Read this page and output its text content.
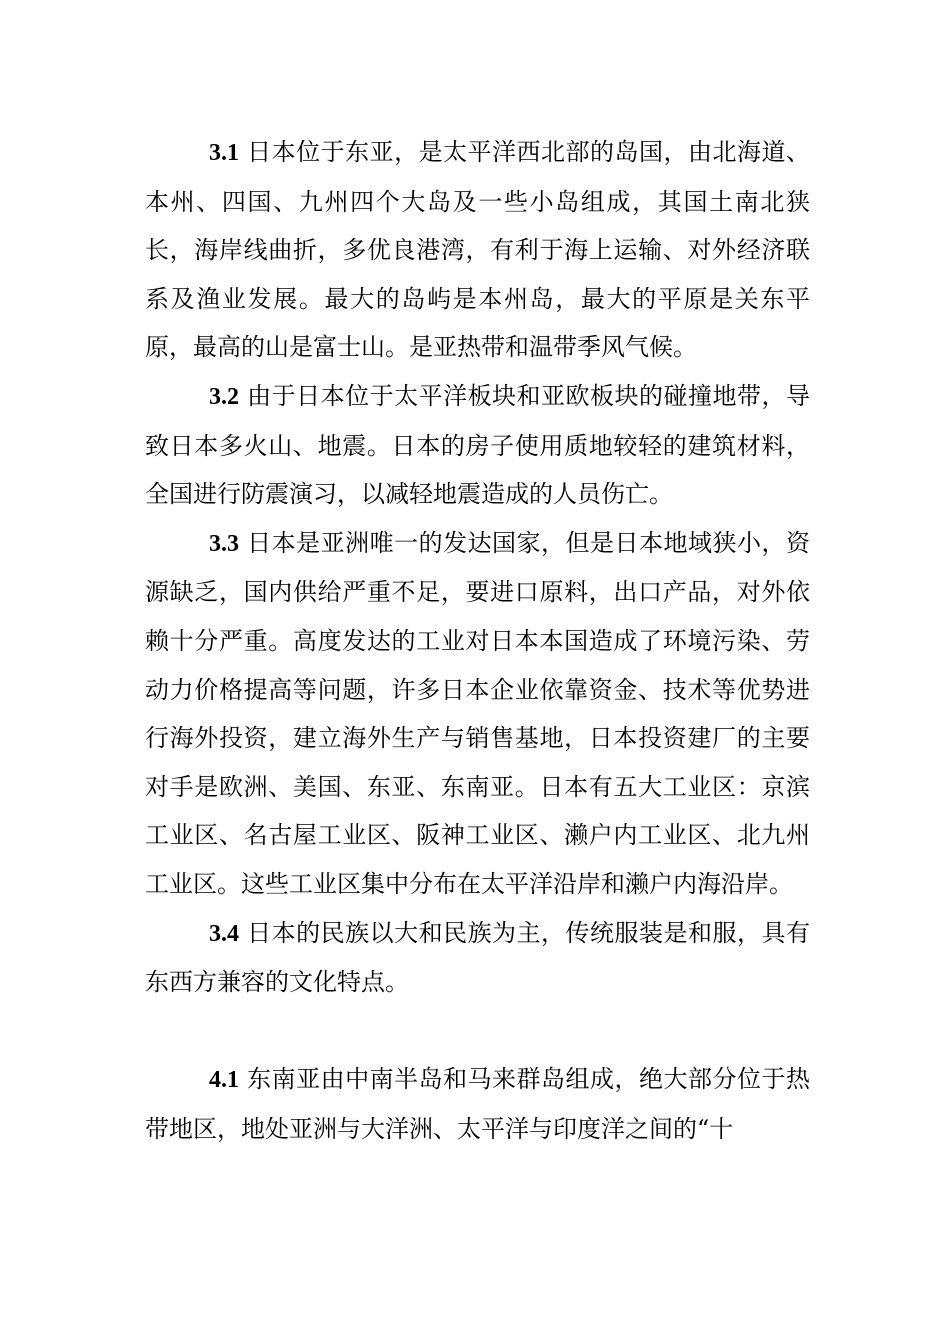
3.1 日本位于东亚，是太平洋西北部的岛国，由北海道、本州、四国、九州四个大岛及一些小岛组成，其国土南北狭长，海岸线曲折，多优良港湾，有利于海上运输、对外经济联系及渔业发展。最大的岛屿是本州岛，最大的平原是关东平原，最高的山是富士山。是亚热带和温带季风气候。

3.2 由于日本位于太平洋板块和亚欧板块的碰撞地带，导致日本多火山、地震。日本的房子使用质地较轻的建筑材料，全国进行防震演习，以减轻地震造成的人员伤亡。

3.3 日本是亚洲唯一的发达国家，但是日本地域狭小，资源缺乏，国内供给严重不足，要进口原料，出口产品，对外依赖十分严重。高度发达的工业对日本本国造成了环境污染、劳动力价格提高等问题，许多日本企业依靠资金、技术等优势进行海外投资，建立海外生产与销售基地，日本投资建厂的主要对手是欧洲、美国、东亚、东南亚。日本有五大工业区：京滨工业区、名古屋工业区、阪神工业区、濑户内工业区、北九州工业区。这些工业区集中分布在太平洋沿岸和濑户内海沿岸。

3.4 日本的民族以大和民族为主，传统服装是和服，具有东西方兼容的文化特点。

4.1 东南亚由中南半岛和马来群岛组成，绝大部分位于热带地区，地处亚洲与大洋洲、太平洋与印度洋之间的“十
